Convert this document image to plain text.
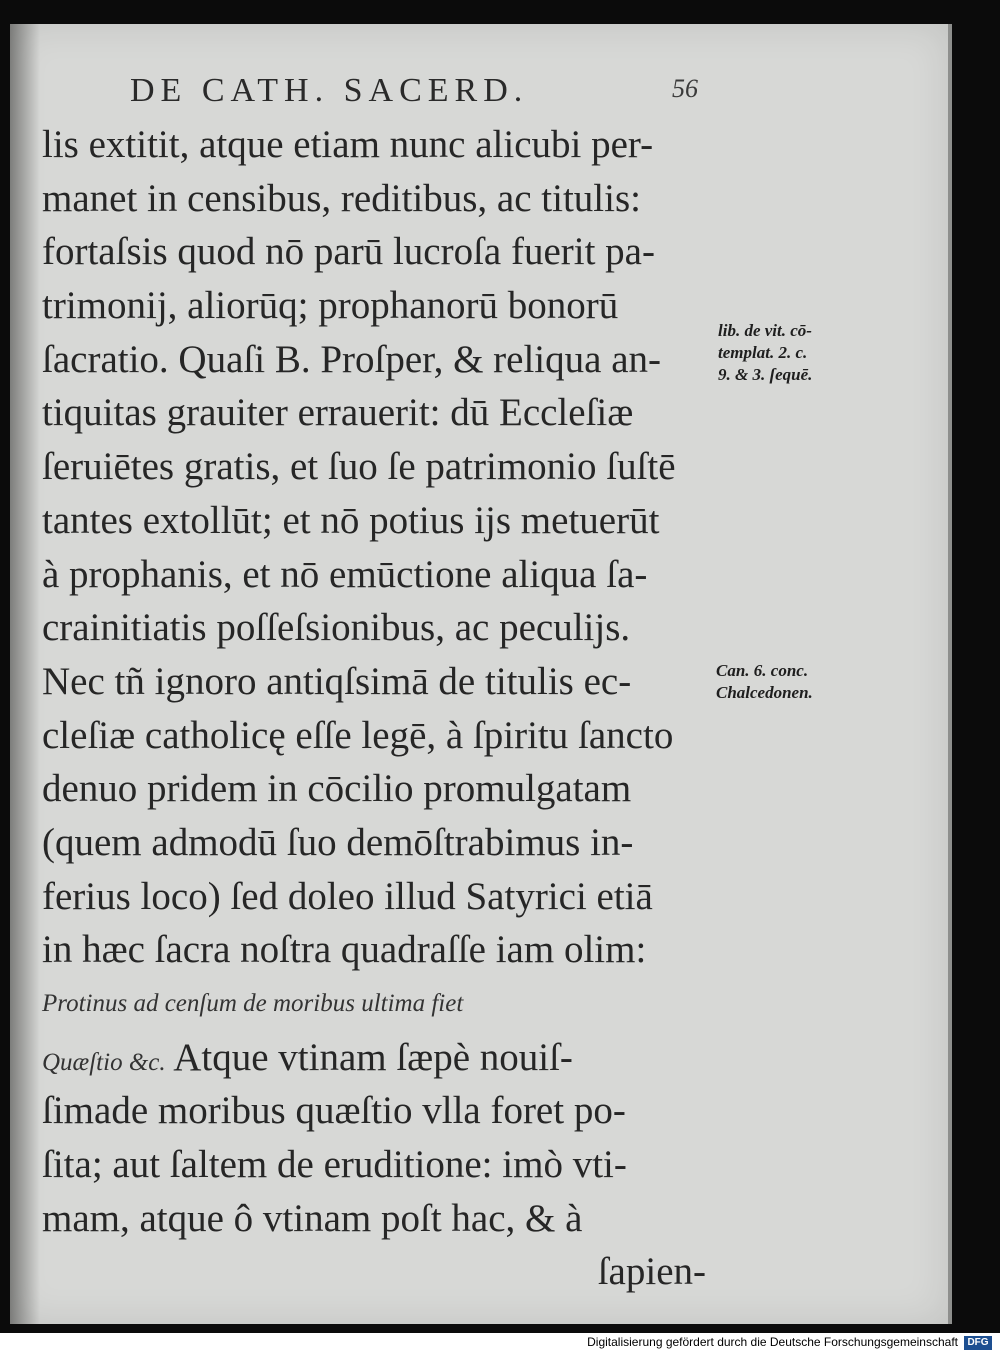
DE CATH. SACERD.	56
lis extitit, atque etiam nunc alicubi per-
manet in censibus, reditibus, ac titulis:
fortaſsis quod nō parū lucroſa fuerit pa-
trimonij, aliorūq; prophanorū bonorū
ſacratio. Quaſi B. Proſper, & reliqua an-
tiquitas grauiter errauerit: dū Eccleſiæ
ſeruiētes gratis, et ſuo ſe patrimonio ſuſtē
tantes extollūt; et nō potius ijs metuerūt
à prophanis, et nō emūctione aliqua ſa-
crainitiatis poſſeſsionibus, ac peculijs.
Nec tñ ignoro antiqſsimā de titulis ec-
cleſiæ catholicę eſſe legē, à ſpiritu ſancto
denuo pridem in cōcilio promulgatam
(quem admodū ſuo demōſtrabimus in-
ferius loco) ſed doleo illud Satyrici etiā
in hæc ſacra noſtra quadraſſe iam olim:
Protinus ad cenſum de moribus ultima fiet
Quæſtio &c. Atque vtinam ſæpè nouiſ-
ſimade moribus quæſtio vlla foret po-
ſita; aut ſaltem de eruditione: imò vti-
mam, atque ô vtinam poſt hac, & à
ſapien-
lib. de vit. cō-
templat. 2. c.
9. & 3. ſequē.
Can. 6. conc.
Chalcedonen.
Digitalisierung gefördert durch die Deutsche Forschungsgemeinschaft DFG
